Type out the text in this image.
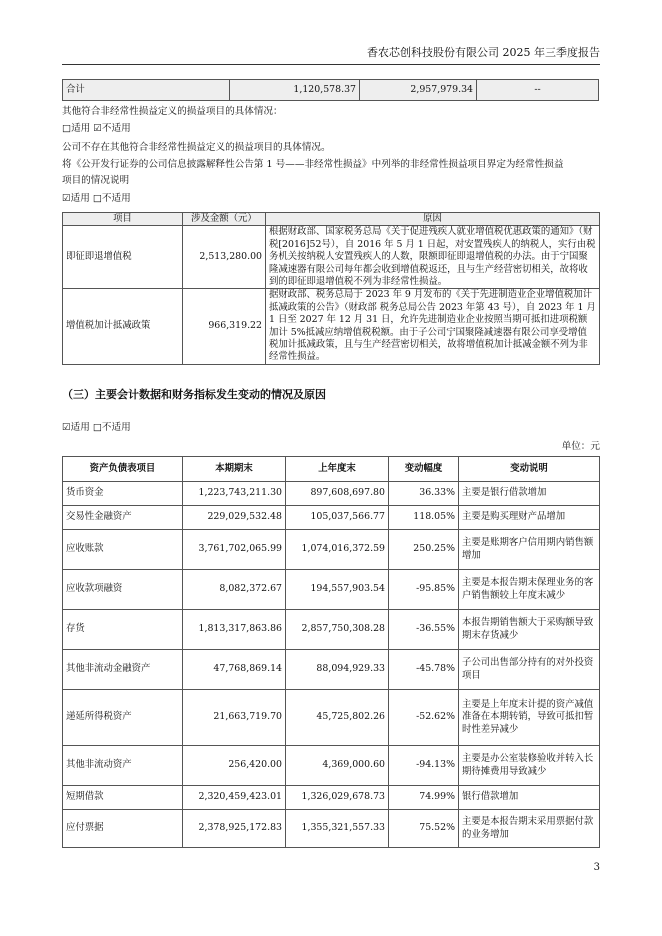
香农芯创科技股份有限公司 2025 年三季度报告
合计	1,120,578.37	2,957,979.34	--
其他符合非经常性损益定义的损益项目的具体情况：
□适用 ☑不适用
公司不存在其他符合非经常性损益定义的损益项目的具体情况。
将《公开发行证券的公司信息披露解释性公告第 1 号——非经常性损益》中列举的非经常性损益项目界定为经常性损益
项目的情况说明
☑适用 □不适用
项目	涉及金额（元）	原因
即征即退增值税	2,513,280.00	根据财政部、国家税务总局《关于促进残疾人就业增值税优惠政策的通知》（财税[2016]52号），自 2016 年 5 月 1 日起，对安置残疾人的纳税人，实行由税务机关按纳税人安置残疾人的人数，限额即征即退增值税的办法。由于宁国聚隆减速器有限公司每年都会收到增值税返还，且与生产经营密切相关，故将收到的即征即退增值税不列为非经常性损益。
增值税加计抵减政策	966,319.22	据财政部、税务总局于 2023 年 9 月发布的《关于先进制造业企业增值税加计抵减政策的公告》（财政部 税务总局公告 2023 年第 43 号），自 2023 年 1 月 1 日至 2027 年 12 月 31 日，允许先进制造业企业按照当期可抵扣进项税额加计 5%抵减应纳增值税税额。由于子公司宁国聚隆减速器有限公司享受增值税加计抵减政策，且与生产经营密切相关，故将增值税加计抵减金额不列为非经常性损益。
（三）主要会计数据和财务指标发生变动的情况及原因
☑适用 □不适用
单位：元
资产负债表项目	本期期末	上年度末	变动幅度	变动说明
货币资金	1,223,743,211.30	897,608,697.80	36.33%	主要是银行借款增加
交易性金融资产	229,029,532.48	105,037,566.77	118.05%	主要是购买理财产品增加
应收账款	3,761,702,065.99	1,074,016,372.59	250.25%	主要是账期客户信用期内销售额增加
应收款项融资	8,082,372.67	194,557,903.54	-95.85%	主要是本报告期末保理业务的客户销售额较上年度末减少
存货	1,813,317,863.86	2,857,750,308.28	-36.55%	本报告期销售额大于采购额导致期末存货减少
其他非流动金融资产	47,768,869.14	88,094,929.33	-45.78%	子公司出售部分持有的对外投资项目
递延所得税资产	21,663,719.70	45,725,802.26	-52.62%	主要是上年度末计提的资产减值准备在本期转销，导致可抵扣暂时性差异减少
其他非流动资产	256,420.00	4,369,000.60	-94.13%	主要是办公室装修验收并转入长期待摊费用导致减少
短期借款	2,320,459,423.01	1,326,029,678.73	74.99%	银行借款增加
应付票据	2,378,925,172.83	1,355,321,557.33	75.52%	主要是本报告期末采用票据付款的业务增加
3
